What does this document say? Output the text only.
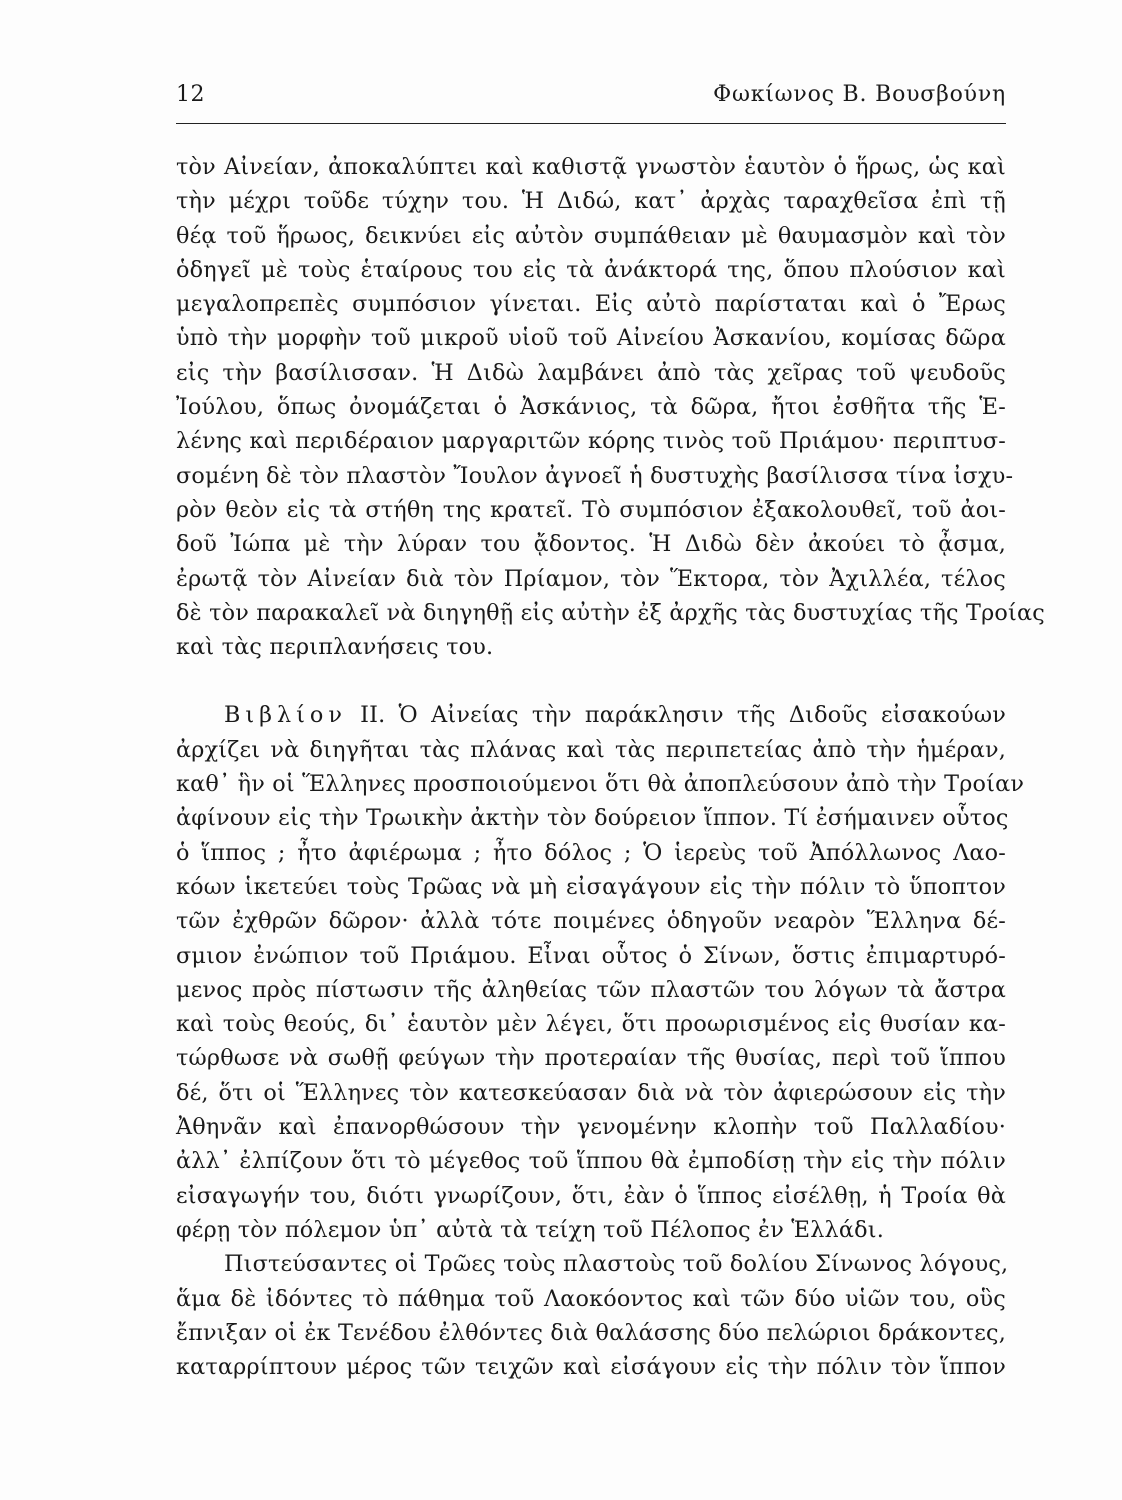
12	Φωκίωνος Β. Βουσβούνη
τὸν Αἰνείαν, ἀποκαλύπτει καὶ καθιστᾷ γνωστὸν ἑαυτὸν ὁ ἥρως, ὡς καὶ
τὴν μέχρι τοῦδε τύχην του. Ἡ Διδώ, κατ᾽ ἀρχὰς ταραχθεῖσα ἐπὶ τῇ
θέᾳ τοῦ ἥρωος, δεικνύει εἰς αὐτὸν συμπάθειαν μὲ θαυμασμὸν καὶ τὸν
ὁδηγεῖ μὲ τοὺς ἑταίρους του εἰς τὰ ἀνάκτορά της, ὅπου πλούσιον καὶ
μεγαλοπρεπὲς συμπόσιον γίνεται. Εἰς αὐτὸ παρίσταται καὶ ὁ Ἔρως
ὑπὸ τὴν μορφὴν τοῦ μικροῦ υἱοῦ τοῦ Αἰνείου Ἀσκανίου, κομίσας δῶρα
εἰς τὴν βασίλισσαν. Ἡ Διδὼ λαμβάνει ἀπὸ τὰς χεῖρας τοῦ ψευδοῦς
Ἰούλου, ὅπως ὀνομάζεται ὁ Ἀσκάνιος, τὰ δῶρα, ἤτοι ἐσθῆτα τῆς Ἑ-
λένης καὶ περιδέραιον μαργαριτῶν κόρης τινὸς τοῦ Πριάμου· περιπτυσ-
σομένη δὲ τὸν πλαστὸν Ἴουλον ἀγνοεῖ ἡ δυστυχὴς βασίλισσα τίνα ἰσχυ-
ρὸν θεὸν εἰς τὰ στήθη της κρατεῖ. Τὸ συμπόσιον ἐξακολουθεῖ, τοῦ ἀοι-
δοῦ Ἰώπα μὲ τὴν λύραν του ᾄδοντος. Ἡ Διδὼ δὲν ἀκούει τὸ ᾆσμα,
ἐρωτᾷ τὸν Αἰνείαν διὰ τὸν Πρίαμον, τὸν Ἕκτορα, τὸν Ἀχιλλέα, τέλος
δὲ τὸν παρακαλεῖ νὰ διηγηθῇ εἰς αὐτὴν ἐξ ἀρχῆς τὰς δυστυχίας τῆς Τροίας
καὶ τὰς περιπλανήσεις του.
Βιβλίον II. Ὁ Αἰνείας τὴν παράκλησιν τῆς Διδοῦς εἰσακούων
ἀρχίζει νὰ διηγῆται τὰς πλάνας καὶ τὰς περιπετείας ἀπὸ τὴν ἡμέραν,
καθ᾽ ἣν οἱ Ἕλληνες προσποιούμενοι ὅτι θὰ ἀποπλεύσουν ἀπὸ τὴν Τροίαν
ἀφίνουν εἰς τὴν Τρωικὴν ἀκτὴν τὸν δούρειον ἵππον. Τί ἐσήμαινεν οὗτος
ὁ ἵππος ; ἦτο ἀφιέρωμα ; ἦτο δόλος ; Ὁ ἱερεὺς τοῦ Ἀπόλλωνος Λαο-
κόων ἱκετεύει τοὺς Τρῶας νὰ μὴ εἰσαγάγουν εἰς τὴν πόλιν τὸ ὕποπτον
τῶν ἐχθρῶν δῶρον· ἀλλὰ τότε ποιμένες ὁδηγοῦν νεαρὸν Ἕλληνα δέ-
σμιον ἐνώπιον τοῦ Πριάμου. Εἶναι οὗτος ὁ Σίνων, ὅστις ἐπιμαρτυρό-
μενος πρὸς πίστωσιν τῆς ἀληθείας τῶν πλαστῶν του λόγων τὰ ἄστρα
καὶ τοὺς θεούς, δι᾽ ἑαυτὸν μὲν λέγει, ὅτι προωρισμένος εἰς θυσίαν κα-
τώρθωσε νὰ σωθῇ φεύγων τὴν προτεραίαν τῆς θυσίας, περὶ τοῦ ἵππου
δέ, ὅτι οἱ Ἕλληνες τὸν κατεσκεύασαν διὰ νὰ τὸν ἀφιερώσουν εἰς τὴν
Ἀθηνᾶν καὶ ἐπανορθώσουν τὴν γενομένην κλοπὴν τοῦ Παλλαδίου·
ἀλλ᾽ ἐλπίζουν ὅτι τὸ μέγεθος τοῦ ἵππου θὰ ἐμποδίσῃ τὴν εἰς τὴν πόλιν
εἰσαγωγήν του, διότι γνωρίζουν, ὅτι, ἐὰν ὁ ἵππος εἰσέλθῃ, ἡ Τροία θὰ
φέρῃ τὸν πόλεμον ὑπ᾽ αὐτὰ τὰ τείχη τοῦ Πέλοπος ἐν Ἑλλάδι.
Πιστεύσαντες οἱ Τρῶες τοὺς πλαστοὺς τοῦ δολίου Σίνωνος λόγους,
ἅμα δὲ ἰδόντες τὸ πάθημα τοῦ Λαοκόοντος καὶ τῶν δύο υἱῶν του, οὓς
ἔπνιξαν οἱ ἐκ Τενέδου ἐλθόντες διὰ θαλάσσης δύο πελώριοι δράκοντες,
καταρρίπτουν μέρος τῶν τειχῶν καὶ εἰσάγουν εἰς τὴν πόλιν τὸν ἵππον
